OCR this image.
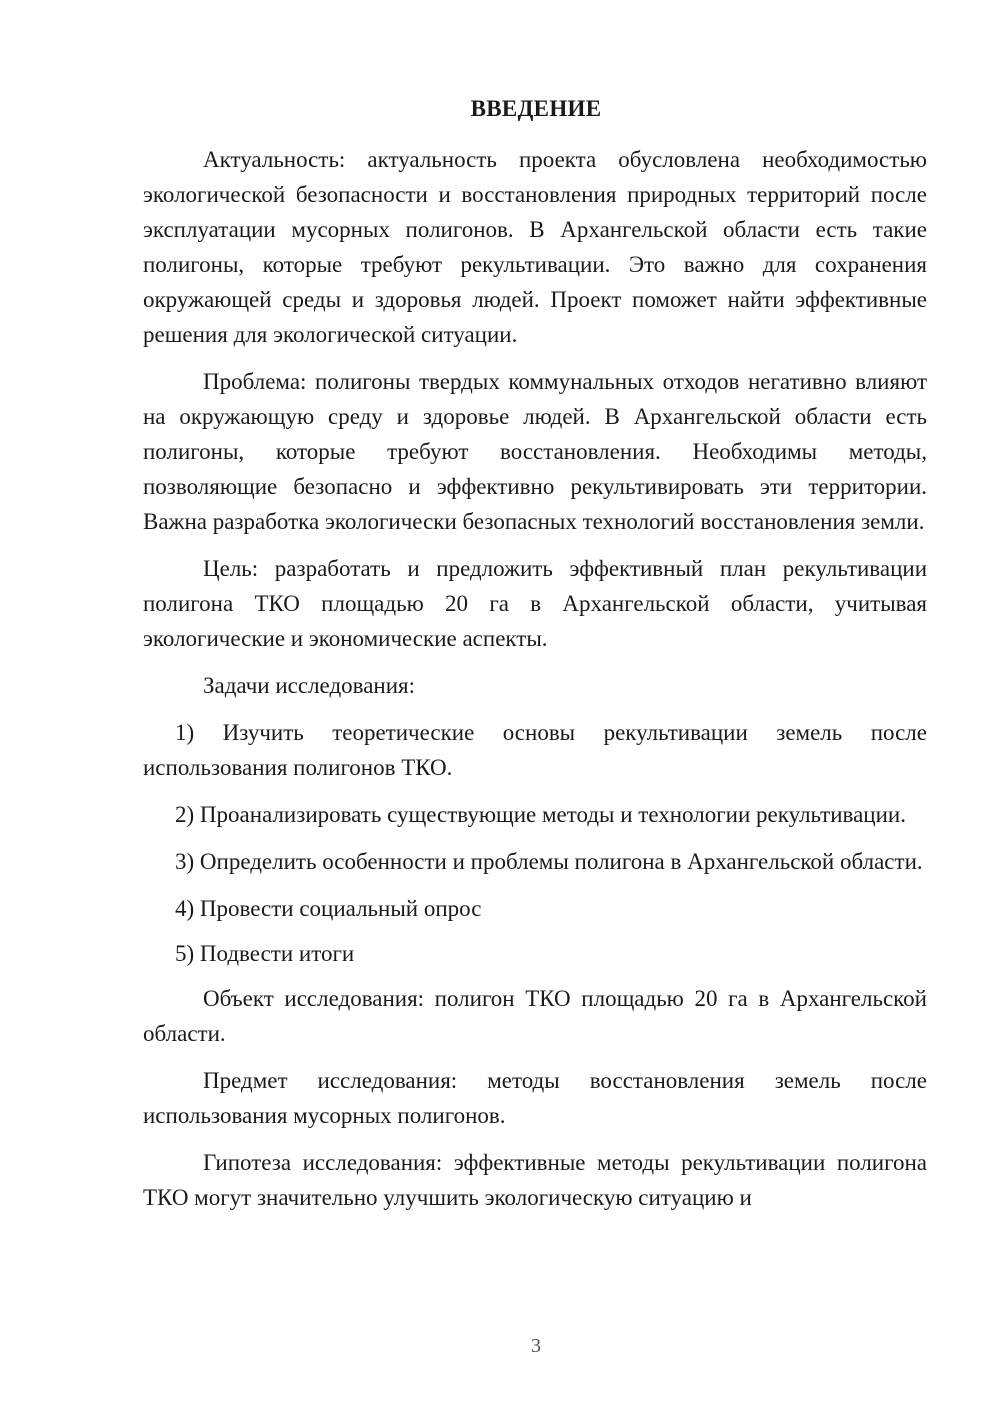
ВВЕДЕНИЕ

Актуальность: актуальность проекта обусловлена необходимостью экологической безопасности и восстановления природных территорий после эксплуатации мусорных полигонов. В Архангельской области есть такие полигоны, которые требуют рекультивации. Это важно для сохранения окружающей среды и здоровья людей. Проект поможет найти эффективные решения для экологической ситуации.

Проблема: полигоны твердых коммунальных отходов негативно влияют на окружающую среду и здоровье людей. В Архангельской области есть полигоны, которые требуют восстановления. Необходимы методы, позволяющие безопасно и эффективно рекультивировать эти территории. Важна разработка экологически безопасных технологий восстановления земли.

Цель: разработать и предложить эффективный план рекультивации полигона ТКО площадью 20 га в Архангельской области, учитывая экологические и экономические аспекты.

Задачи исследования:

1) Изучить теоретические основы рекультивации земель после использования полигонов ТКО.

2) Проанализировать существующие методы и технологии рекультивации.

3) Определить особенности и проблемы полигона в Архангельской области.

4) Провести социальный опрос

5) Подвести итоги

Объект исследования: полигон ТКО площадью 20 га в Архангельской области.

Предмет исследования: методы восстановления земель после использования мусорных полигонов.

Гипотеза исследования: эффективные методы рекультивации полигона ТКО могут значительно улучшить экологическую ситуацию и

3
